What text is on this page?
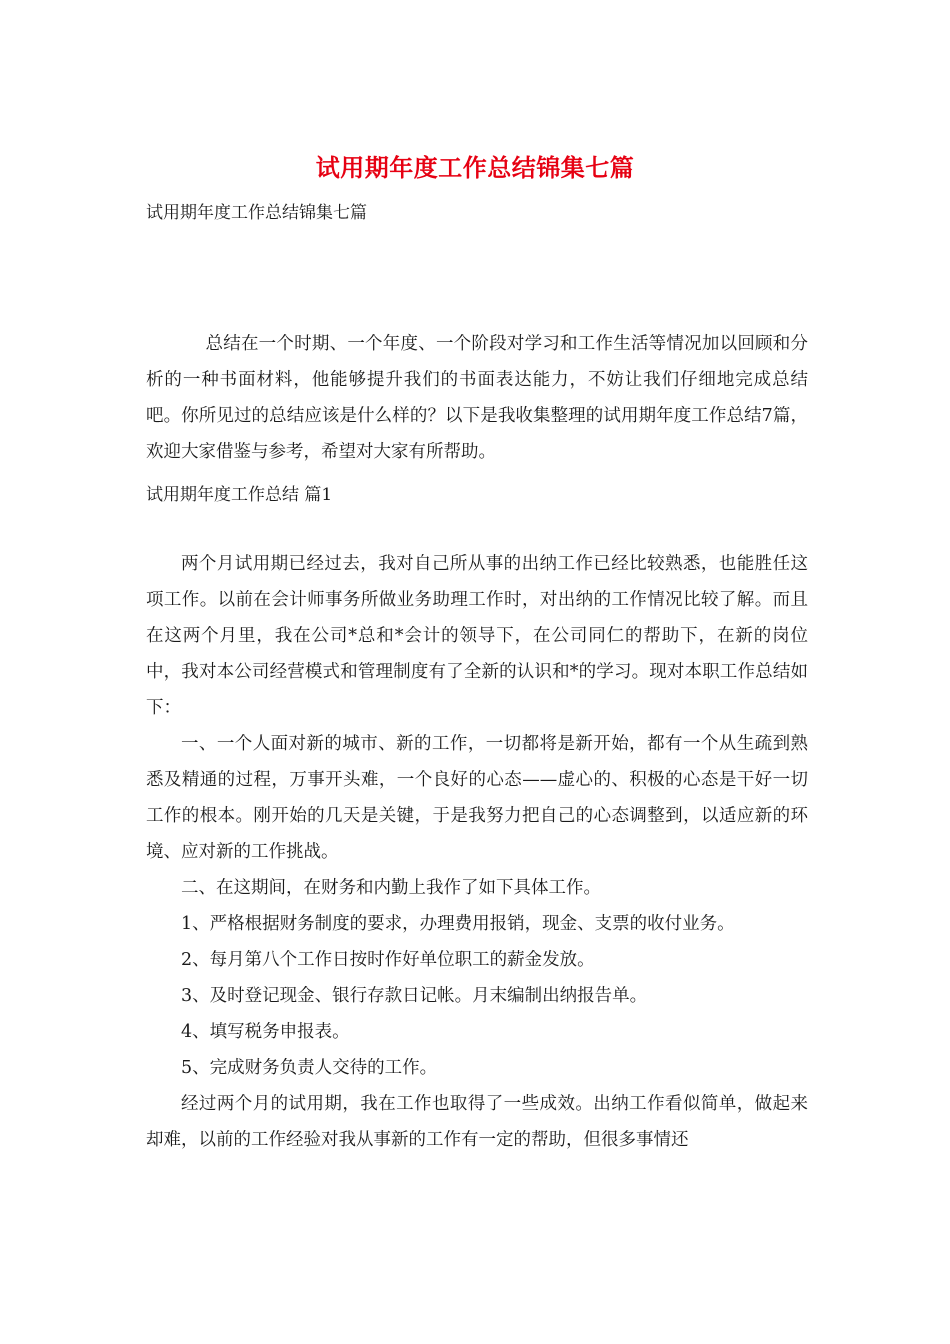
试用期年度工作总结锦集七篇
试用期年度工作总结锦集七篇

总结在一个时期、一个年度、一个阶段对学习和工作生活等情况加以回顾和分析的一种书面材料，他能够提升我们的书面表达能力，不妨让我们仔细地完成总结吧。你所见过的总结应该是什么样的？以下是我收集整理的试用期年度工作总结7篇，欢迎大家借鉴与参考，希望对大家有所帮助。

试用期年度工作总结 篇1

两个月试用期已经过去，我对自己所从事的出纳工作已经比较熟悉，也能胜任这项工作。以前在会计师事务所做业务助理工作时，对出纳的工作情况比较了解。而且在这两个月里，我在公司*总和*会计的领导下，在公司同仁的帮助下，在新的岗位中，我对本公司经营模式和管理制度有了全新的认识和*的学习。现对本职工作总结如下：

一、一个人面对新的城市、新的工作，一切都将是新开始，都有一个从生疏到熟悉及精通的过程，万事开头难，一个良好的心态——虚心的、积极的心态是干好一切工作的根本。刚开始的几天是关键，于是我努力把自己的心态调整到，以适应新的环境、应对新的工作挑战。

二、在这期间，在财务和内勤上我作了如下具体工作。

1、严格根据财务制度的要求，办理费用报销，现金、支票的收付业务。

2、每月第八个工作日按时作好单位职工的薪金发放。

3、及时登记现金、银行存款日记帐。月末编制出纳报告单。

4、填写税务申报表。

5、完成财务负责人交待的工作。

经过两个月的试用期，我在工作也取得了一些成效。出纳工作看似简单，做起来却难，以前的工作经验对我从事新的工作有一定的帮助，但很多事情还
